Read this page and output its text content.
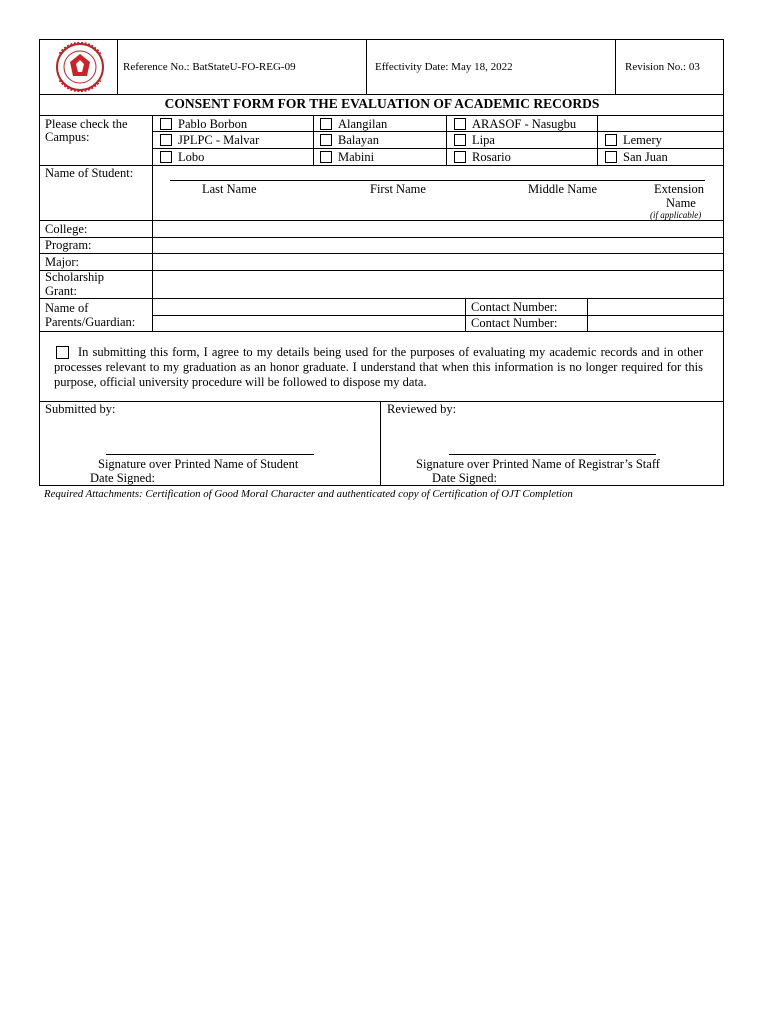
Reference No.: BatStateU-FO-REG-09	Effectivity Date: May 18, 2022	Revision No.: 03
CONSENT FORM FOR THE EVALUATION OF ACADEMIC RECORDS
Please check the
Campus:
Pablo Borbon	Alangilan	ARASOF - Nasugbu
JPLPC - Malvar	Balayan	Lipa	Lemery
Lobo	Mabini	Rosario	San Juan
Name of Student:
Last Name	First Name	Middle Name	Extension
Name
(if applicable)
College:
Program:
Major:
Scholarship
Grant:
Name of
Parents/Guardian:
Contact Number:
Contact Number:
In submitting this form, I agree to my details being used for the purposes of evaluating my academic records and in other processes relevant to my graduation as an honor graduate. I understand that when this information is no longer required for this purpose, official university procedure will be followed to dispose my data.
Submitted by:	Reviewed by:
Signature over Printed Name of Student	Signature over Printed Name of Registrar’s Staff
Date Signed:	Date Signed:
Required Attachments: Certification of Good Moral Character and authenticated copy of Certification of OJT Completion
